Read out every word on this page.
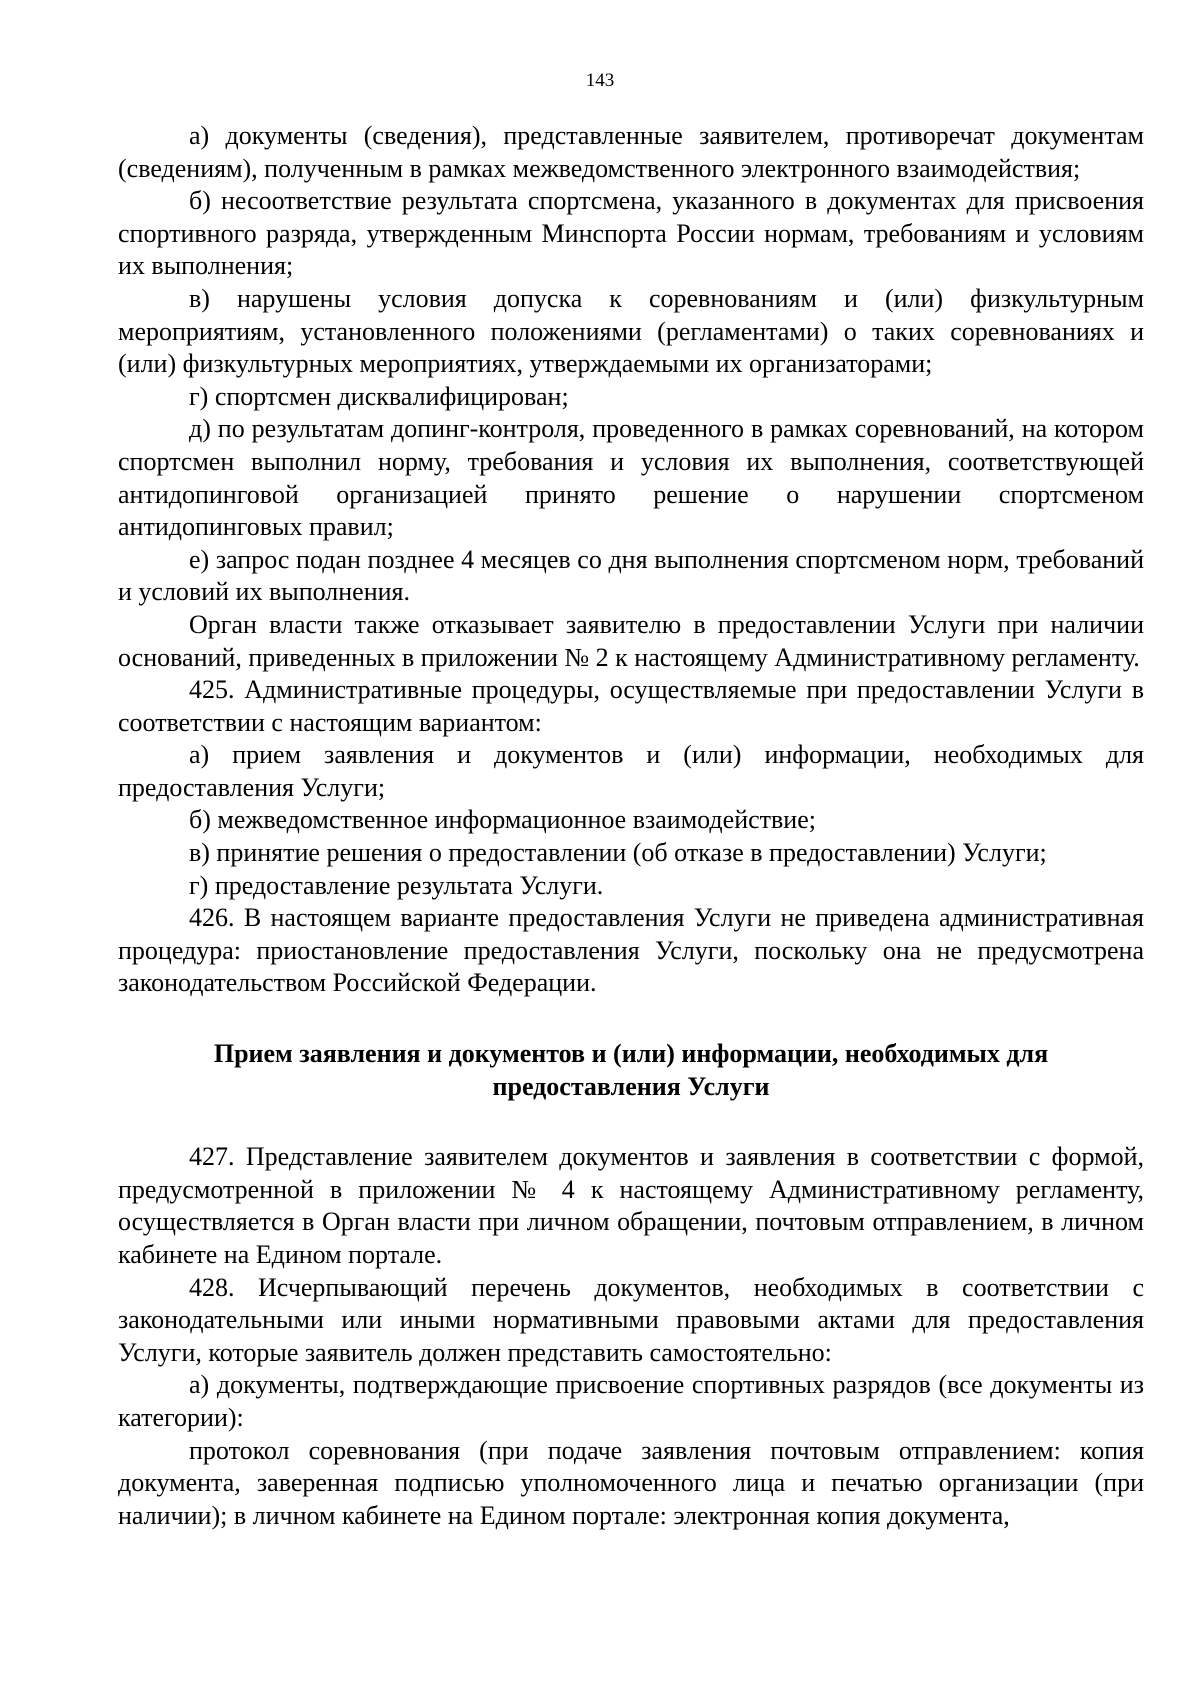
143

а) документы (сведения), представленные заявителем, противоречат документам (сведениям), полученным в рамках межведомственного электронного взаимодействия;

б) несоответствие результата спортсмена, указанного в документах для присвоения спортивного разряда, утвержденным Минспорта России нормам, требованиям и условиям их выполнения;

в) нарушены условия допуска к соревнованиям и (или) физкультурным мероприятиям, установленного положениями (регламентами) о таких соревнованиях и (или) физкультурных мероприятиях, утверждаемыми их организаторами;

г) спортсмен дисквалифицирован;

д) по результатам допинг-контроля, проведенного в рамках соревнований, на котором спортсмен выполнил норму, требования и условия их выполнения, соответствующей антидопинговой организацией принято решение о нарушении спортсменом антидопинговых правил;

е) запрос подан позднее 4 месяцев со дня выполнения спортсменом норм, требований и условий их выполнения.

Орган власти также отказывает заявителю в предоставлении Услуги при наличии оснований, приведенных в приложении № 2 к настоящему Административному регламенту.

425. Административные процедуры, осуществляемые при предоставлении Услуги в соответствии с настоящим вариантом:

а) прием заявления и документов и (или) информации, необходимых для предоставления Услуги;

б) межведомственное информационное взаимодействие;

в) принятие решения о предоставлении (об отказе в предоставлении) Услуги;

г) предоставление результата Услуги.

426. В настоящем варианте предоставления Услуги не приведена административная процедура: приостановление предоставления Услуги, поскольку она не предусмотрена законодательством Российской Федерации.

Прием заявления и документов и (или) информации, необходимых для предоставления Услуги

427. Представление заявителем документов и заявления в соответствии с формой, предусмотренной в приложении № 4 к настоящему Административному регламенту, осуществляется в Орган власти при личном обращении, почтовым отправлением, в личном кабинете на Едином портале.

428. Исчерпывающий перечень документов, необходимых в соответствии с законодательными или иными нормативными правовыми актами для предоставления Услуги, которые заявитель должен представить самостоятельно:

а) документы, подтверждающие присвоение спортивных разрядов (все документы из категории):

протокол соревнования (при подаче заявления почтовым отправлением: копия документа, заверенная подписью уполномоченного лица и печатью организации (при наличии); в личном кабинете на Едином портале: электронная копия документа,
